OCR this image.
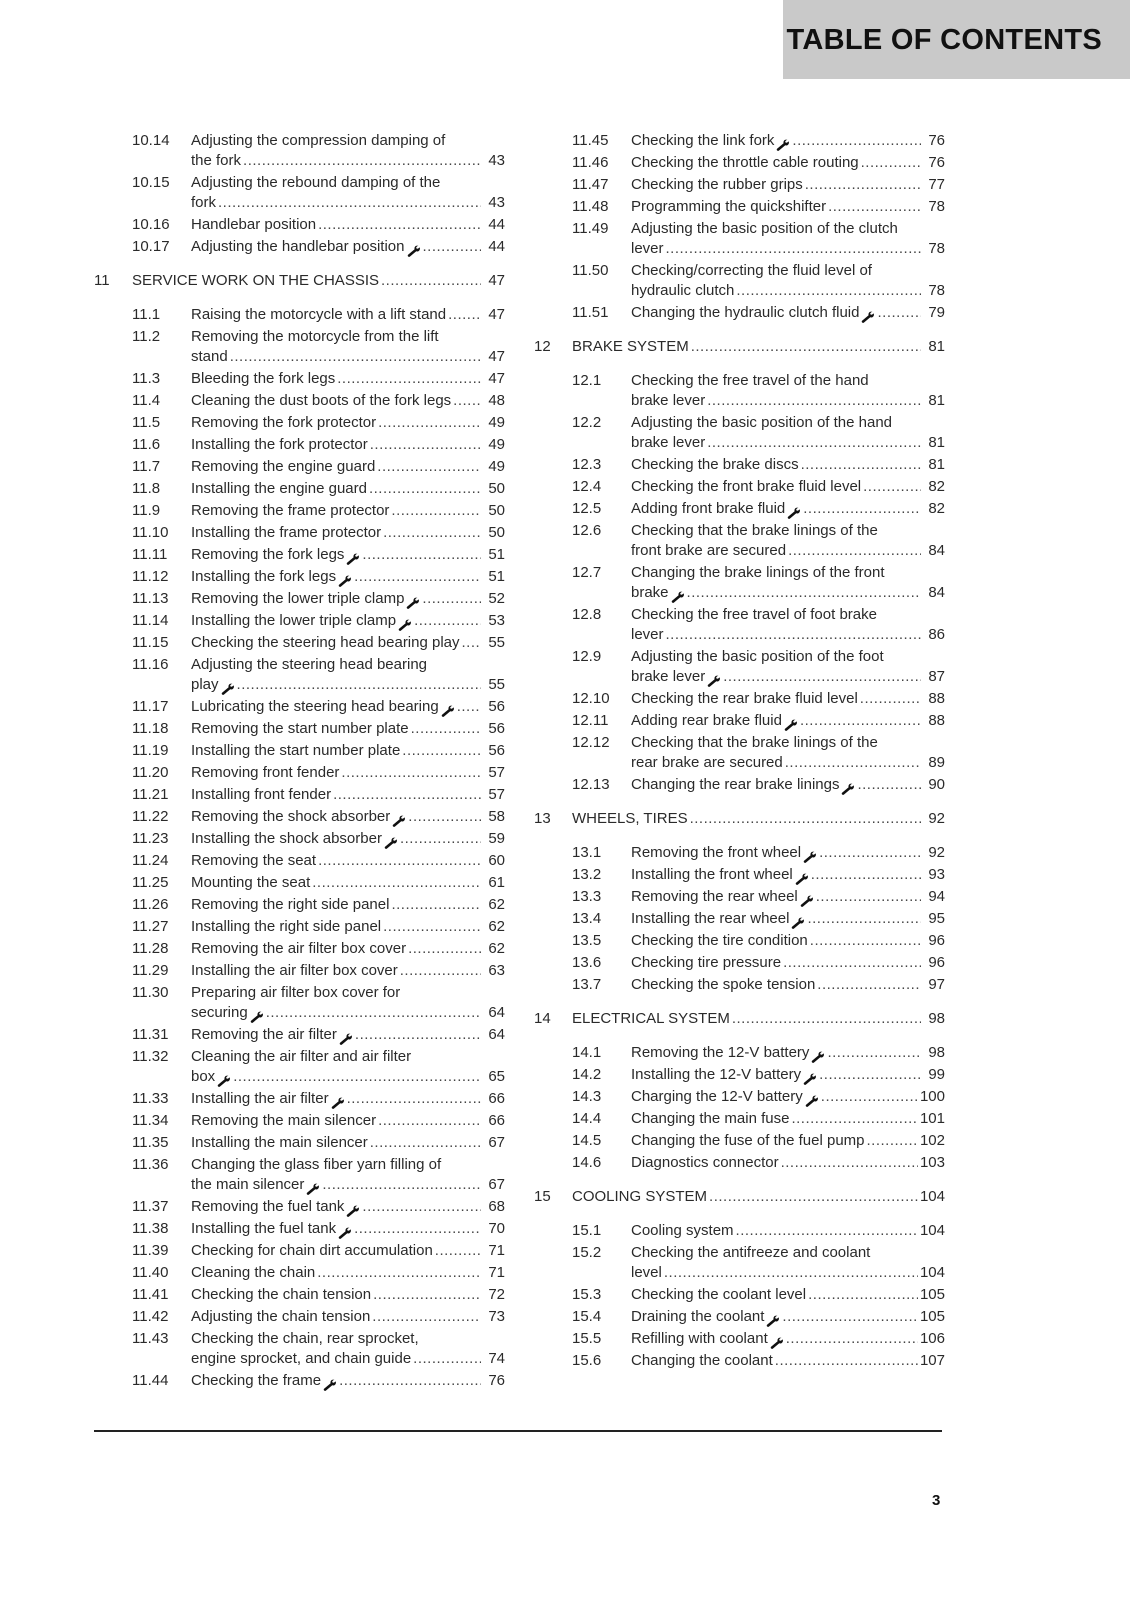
TABLE OF CONTENTS
10.14 Adjusting the compression damping of
the fork .....	43
10.15 Adjusting the rebound damping of the
fork .....	43
10.16 Handlebar position .....	44
10.17 Adjusting the handlebar position .....	44
11 SERVICE WORK ON THE CHASSIS .....	47
11.1 Raising the motorcycle with a lift stand .....	47
11.2 Removing the motorcycle from the lift
stand .....	47
11.3 Bleeding the fork legs .....	47
11.4 Cleaning the dust boots of the fork legs .....	48
11.5 Removing the fork protector .....	49
11.6 Installing the fork protector .....	49
11.7 Removing the engine guard .....	49
11.8 Installing the engine guard .....	50
11.9 Removing the frame protector .....	50
11.10 Installing the frame protector .....	50
11.11 Removing the fork legs .....	51
11.12 Installing the fork legs .....	51
11.13 Removing the lower triple clamp .....	52
11.14 Installing the lower triple clamp .....	53
11.15 Checking the steering head bearing play .....	55
11.16 Adjusting the steering head bearing
play .....	55
11.17 Lubricating the steering head bearing .....	56
11.18 Removing the start number plate .....	56
11.19 Installing the start number plate .....	56
11.20 Removing front fender .....	57
11.21 Installing front fender .....	57
11.22 Removing the shock absorber .....	58
11.23 Installing the shock absorber .....	59
11.24 Removing the seat .....	60
11.25 Mounting the seat .....	61
11.26 Removing the right side panel .....	62
11.27 Installing the right side panel .....	62
11.28 Removing the air filter box cover .....	62
11.29 Installing the air filter box cover .....	63
11.30 Preparing air filter box cover for
securing .....	64
11.31 Removing the air filter .....	64
11.32 Cleaning the air filter and air filter
box .....	65
11.33 Installing the air filter .....	66
11.34 Removing the main silencer .....	66
11.35 Installing the main silencer .....	67
11.36 Changing the glass fiber yarn filling of
the main silencer .....	67
11.37 Removing the fuel tank .....	68
11.38 Installing the fuel tank .....	70
11.39 Checking for chain dirt accumulation .....	71
11.40 Cleaning the chain .....	71
11.41 Checking the chain tension .....	72
11.42 Adjusting the chain tension .....	73
11.43 Checking the chain, rear sprocket,
engine sprocket, and chain guide .....	74
11.44 Checking the frame .....	76
11.45 Checking the link fork .....	76
11.46 Checking the throttle cable routing .....	76
11.47 Checking the rubber grips .....	77
11.48 Programming the quickshifter .....	78
11.49 Adjusting the basic position of the clutch
lever .....	78
11.50 Checking/correcting the fluid level of
hydraulic clutch .....	78
11.51 Changing the hydraulic clutch fluid .....	79
12 BRAKE SYSTEM .....	81
12.1 Checking the free travel of the hand
brake lever .....	81
12.2 Adjusting the basic position of the hand
brake lever .....	81
12.3 Checking the brake discs .....	81
12.4 Checking the front brake fluid level .....	82
12.5 Adding front brake fluid .....	82
12.6 Checking that the brake linings of the
front brake are secured .....	84
12.7 Changing the brake linings of the front
brake .....	84
12.8 Checking the free travel of foot brake
lever .....	86
12.9 Adjusting the basic position of the foot
brake lever .....	87
12.10 Checking the rear brake fluid level .....	88
12.11 Adding rear brake fluid .....	88
12.12 Checking that the brake linings of the
rear brake are secured .....	89
12.13 Changing the rear brake linings .....	90
13 WHEELS, TIRES .....	92
13.1 Removing the front wheel .....	92
13.2 Installing the front wheel .....	93
13.3 Removing the rear wheel .....	94
13.4 Installing the rear wheel .....	95
13.5 Checking the tire condition .....	96
13.6 Checking tire pressure .....	96
13.7 Checking the spoke tension .....	97
14 ELECTRICAL SYSTEM .....	98
14.1 Removing the 12-V battery .....	98
14.2 Installing the 12-V battery .....	99
14.3 Charging the 12-V battery .....	100
14.4 Changing the main fuse .....	101
14.5 Changing the fuse of the fuel pump .....	102
14.6 Diagnostics connector .....	103
15 COOLING SYSTEM .....	104
15.1 Cooling system .....	104
15.2 Checking the antifreeze and coolant
level .....	104
15.3 Checking the coolant level .....	105
15.4 Draining the coolant .....	105
15.5 Refilling with coolant .....	106
15.6 Changing the coolant .....	107
3
